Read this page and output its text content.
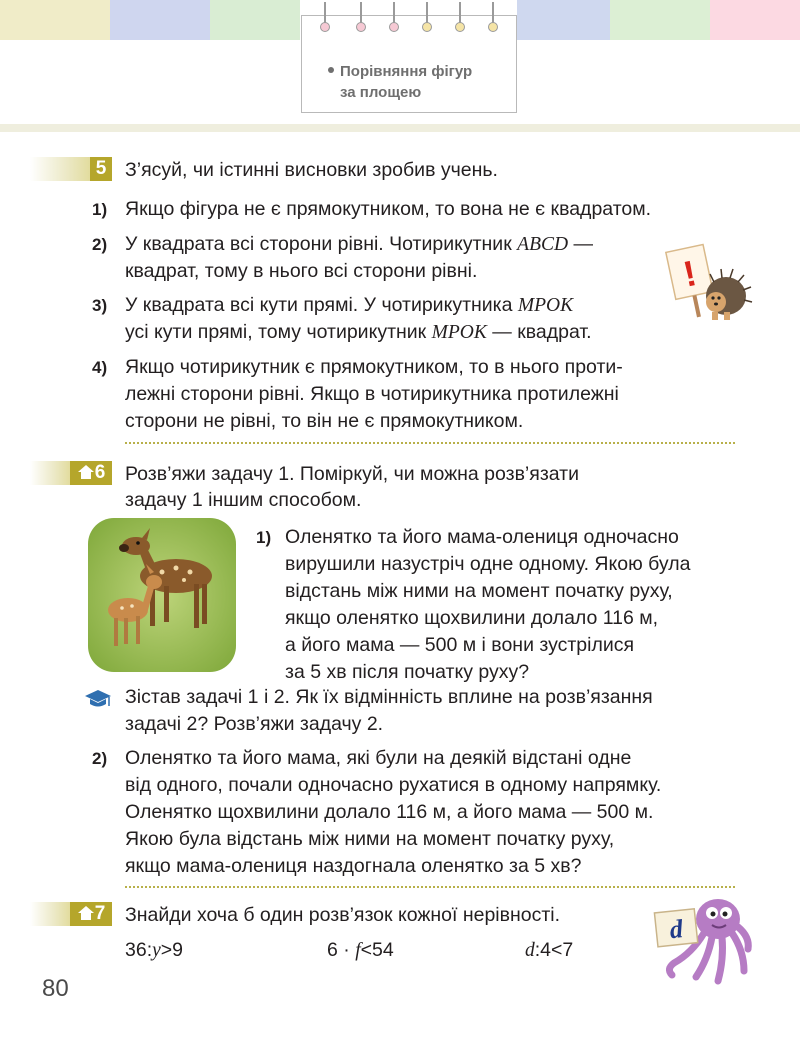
Порівняння фігур
за площею
5 З’ясуй, чи істинні висновки зробив учень.
1) Якщо фігура не є прямокутником, то вона не є квадратом.
2) У квадрата всі сторони рівні. Чотирикутник ABCD —
квадрат, тому в нього всі сторони рівні.
3) У квадрата всі кути прямі. У чотирикутника MPOK
усі кути прямі, тому чотирикутник MPOK — квадрат.
4) Якщо чотирикутник є прямокутником, то в нього проти-
лежні сторони рівні. Якщо в чотирикутника протилежні
сторони не рівні, то він не є прямокутником.
!
6	Розв’яжи задачу 1. Поміркуй, чи можна розв’язати
задачу 1 іншим способом.
1) Оленятко та його мама-олениця одночасно
вирушили назустріч одне одному. Якою була
відстань між ними на момент початку руху,
якщо оленятко щохвилини долало 116 м,
а його мама — 500 м і вони зустрілися
за 5 хв після початку руху?
Зістав задачі 1 і 2. Як їх відмінність вплине на розв’язання
задачі 2? Розв’яжи задачу 2.
2) Оленятко та його мама, які були на деякій відстані одне
від одного, почали одночасно рухатися в одному напрямку.
Оленятко щохвилини долало 116 м, а його мама — 500 м.
Якою була відстань між ними на момент початку руху,
якщо мама-олениця наздогнала оленятко за 5 хв?
7	Знайди хоча б один розв’язок кожної нерівності.
36:y>9	6 · f<54	d:4<7
d
80
